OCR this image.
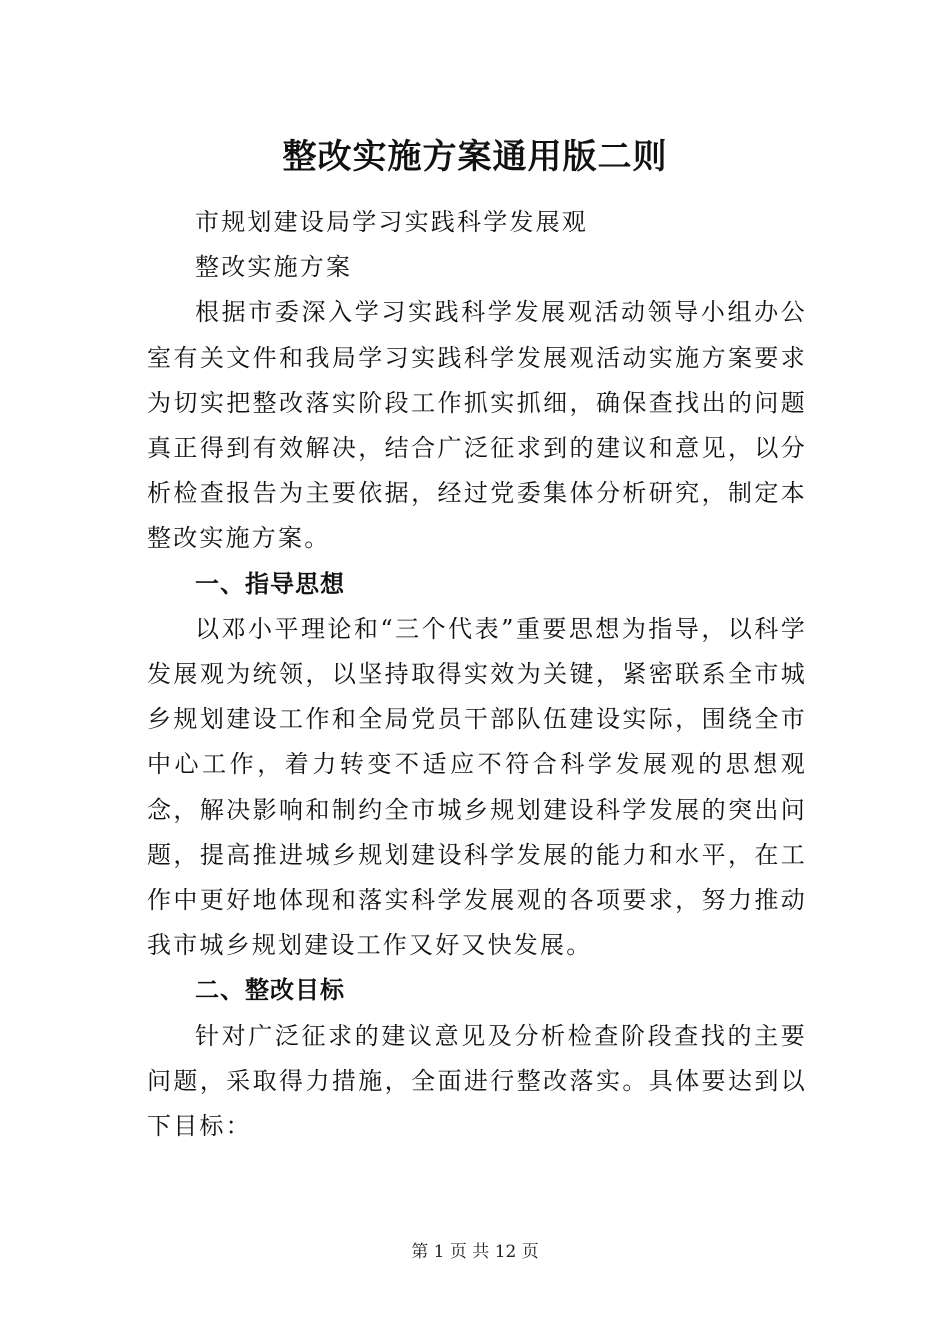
整改实施方案通用版二则

市规划建设局学习实践科学发展观

整改实施方案

根据市委深入学习实践科学发展观活动领导小组办公室有关文件和我局学习实践科学发展观活动实施方案要求为切实把整改落实阶段工作抓实抓细，确保查找出的问题真正得到有效解决，结合广泛征求到的建议和意见，以分析检查报告为主要依据，经过党委集体分析研究，制定本整改实施方案。

一、指导思想

以邓小平理论和“三个代表”重要思想为指导，以科学发展观为统领，以坚持取得实效为关键，紧密联系全市城乡规划建设工作和全局党员干部队伍建设实际，围绕全市中心工作，着力转变不适应不符合科学发展观的思想观念，解决影响和制约全市城乡规划建设科学发展的突出问题，提高推进城乡规划建设科学发展的能力和水平，在工作中更好地体现和落实科学发展观的各项要求，努力推动我市城乡规划建设工作又好又快发展。

二、整改目标

针对广泛征求的建议意见及分析检查阶段查找的主要问题，采取得力措施，全面进行整改落实。具体要达到以下目标：

第 1 页 共 12 页
